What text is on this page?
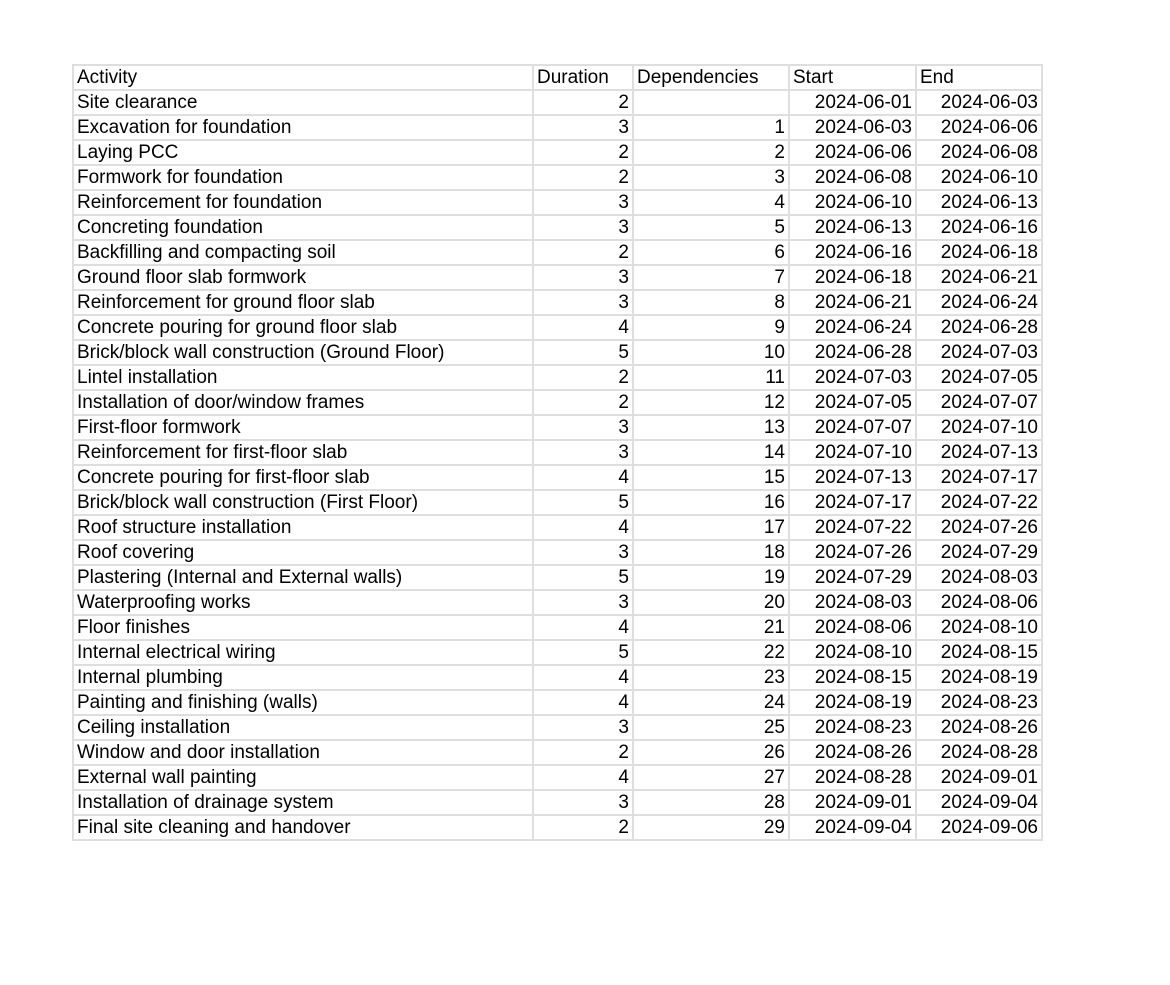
Activity	Duration	Dependencies	Start	End
Site clearance	2		2024-06-01	2024-06-03
Excavation for foundation	3	1	2024-06-03	2024-06-06
Laying PCC	2	2	2024-06-06	2024-06-08
Formwork for foundation	2	3	2024-06-08	2024-06-10
Reinforcement for foundation	3	4	2024-06-10	2024-06-13
Concreting foundation	3	5	2024-06-13	2024-06-16
Backfilling and compacting soil	2	6	2024-06-16	2024-06-18
Ground floor slab formwork	3	7	2024-06-18	2024-06-21
Reinforcement for ground floor slab	3	8	2024-06-21	2024-06-24
Concrete pouring for ground floor slab	4	9	2024-06-24	2024-06-28
Brick/block wall construction (Ground Floor)	5	10	2024-06-28	2024-07-03
Lintel installation	2	11	2024-07-03	2024-07-05
Installation of door/window frames	2	12	2024-07-05	2024-07-07
First-floor formwork	3	13	2024-07-07	2024-07-10
Reinforcement for first-floor slab	3	14	2024-07-10	2024-07-13
Concrete pouring for first-floor slab	4	15	2024-07-13	2024-07-17
Brick/block wall construction (First Floor)	5	16	2024-07-17	2024-07-22
Roof structure installation	4	17	2024-07-22	2024-07-26
Roof covering	3	18	2024-07-26	2024-07-29
Plastering (Internal and External walls)	5	19	2024-07-29	2024-08-03
Waterproofing works	3	20	2024-08-03	2024-08-06
Floor finishes	4	21	2024-08-06	2024-08-10
Internal electrical wiring	5	22	2024-08-10	2024-08-15
Internal plumbing	4	23	2024-08-15	2024-08-19
Painting and finishing (walls)	4	24	2024-08-19	2024-08-23
Ceiling installation	3	25	2024-08-23	2024-08-26
Window and door installation	2	26	2024-08-26	2024-08-28
External wall painting	4	27	2024-08-28	2024-09-01
Installation of drainage system	3	28	2024-09-01	2024-09-04
Final site cleaning and handover	2	29	2024-09-04	2024-09-06
